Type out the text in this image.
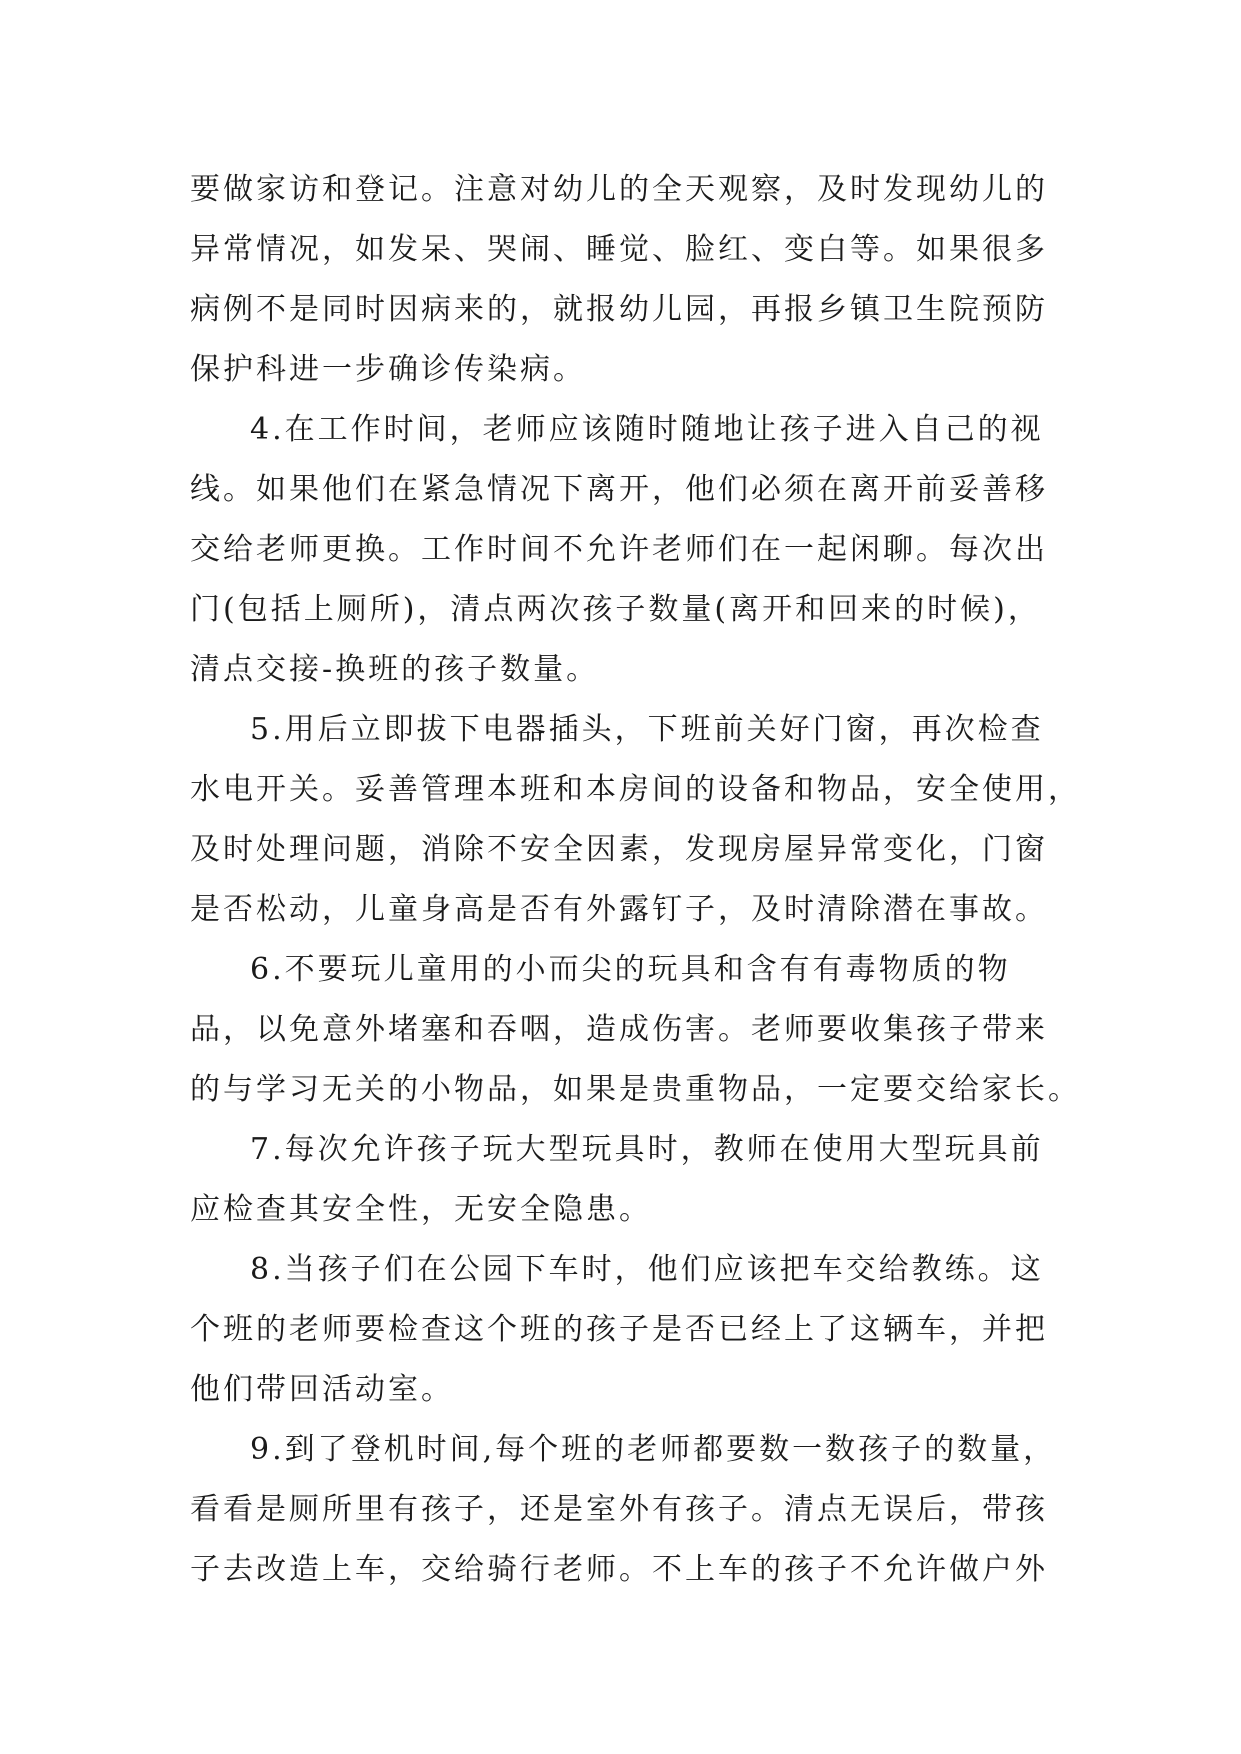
要做家访和登记。注意对幼儿的全天观察，及时发现幼儿的
异常情况，如发呆、哭闹、睡觉、脸红、变白等。如果很多
病例不是同时因病来的，就报幼儿园，再报乡镇卫生院预防
保护科进一步确诊传染病。
4.在工作时间，老师应该随时随地让孩子进入自己的视
线。如果他们在紧急情况下离开，他们必须在离开前妥善移
交给老师更换。工作时间不允许老师们在一起闲聊。每次出
门(包括上厕所)，清点两次孩子数量(离开和回来的时候)，
清点交接-换班的孩子数量。
5.用后立即拔下电器插头，下班前关好门窗，再次检查
水电开关。妥善管理本班和本房间的设备和物品，安全使用，
及时处理问题，消除不安全因素，发现房屋异常变化，门窗
是否松动，儿童身高是否有外露钉子，及时清除潜在事故。
6.不要玩儿童用的小而尖的玩具和含有有毒物质的物
品，以免意外堵塞和吞咽，造成伤害。老师要收集孩子带来
的与学习无关的小物品，如果是贵重物品，一定要交给家长。
7.每次允许孩子玩大型玩具时，教师在使用大型玩具前
应检查其安全性，无安全隐患。
8.当孩子们在公园下车时，他们应该把车交给教练。这
个班的老师要检查这个班的孩子是否已经上了这辆车，并把
他们带回活动室。
9.到了登机时间,每个班的老师都要数一数孩子的数量，
看看是厕所里有孩子，还是室外有孩子。清点无误后，带孩
子去改造上车，交给骑行老师。不上车的孩子不允许做户外
